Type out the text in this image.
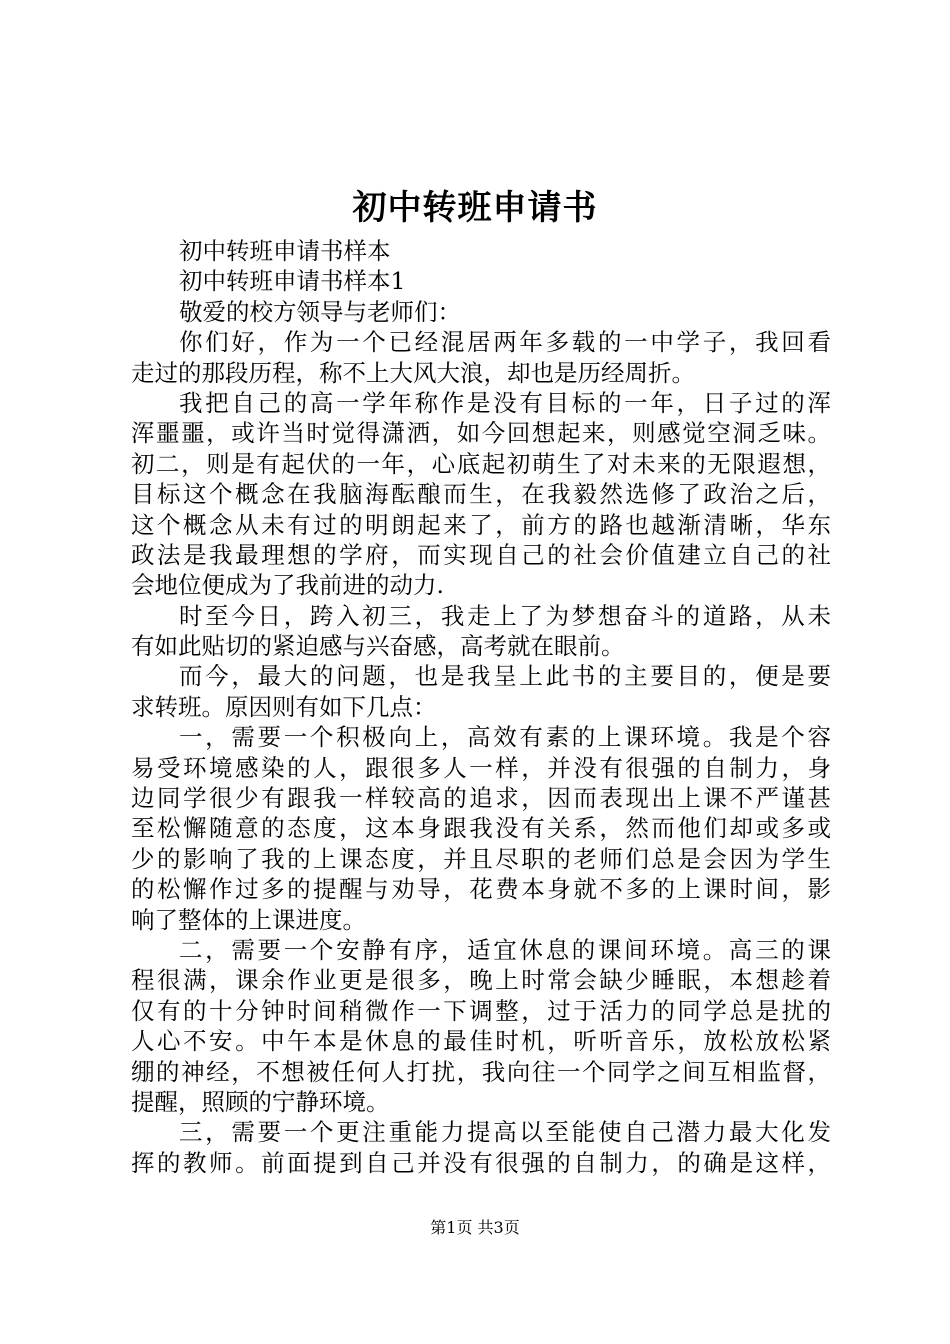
初中转班申请书
初中转班申请书样本
初中转班申请书样本1
敬爱的校方领导与老师们：
你们好，作为一个已经混居两年多载的一中学子，我回看
走过的那段历程，称不上大风大浪，却也是历经周折。
我把自己的高一学年称作是没有目标的一年，日子过的浑
浑噩噩，或许当时觉得潇洒，如今回想起来，则感觉空洞乏味。
初二，则是有起伏的一年，心底起初萌生了对未来的无限遐想，
目标这个概念在我脑海酝酿而生，在我毅然选修了政治之后，
这个概念从未有过的明朗起来了，前方的路也越渐清晰，华东
政法是我最理想的学府，而实现自己的社会价值建立自己的社
会地位便成为了我前进的动力.
时至今日，跨入初三，我走上了为梦想奋斗的道路，从未
有如此贴切的紧迫感与兴奋感，高考就在眼前。
而今，最大的问题，也是我呈上此书的主要目的，便是要
求转班。原因则有如下几点：
一，需要一个积极向上，高效有素的上课环境。我是个容
易受环境感染的人，跟很多人一样，并没有很强的自制力，身
边同学很少有跟我一样较高的追求，因而表现出上课不严谨甚
至松懈随意的态度，这本身跟我没有关系，然而他们却或多或
少的影响了我的上课态度，并且尽职的老师们总是会因为学生
的松懈作过多的提醒与劝导，花费本身就不多的上课时间，影
响了整体的上课进度。
二，需要一个安静有序，适宜休息的课间环境。高三的课
程很满，课余作业更是很多，晚上时常会缺少睡眠，本想趁着
仅有的十分钟时间稍微作一下调整，过于活力的同学总是扰的
人心不安。中午本是休息的最佳时机，听听音乐，放松放松紧
绷的神经，不想被任何人打扰，我向往一个同学之间互相监督，
提醒，照顾的宁静环境。
三，需要一个更注重能力提高以至能使自己潜力最大化发
挥的教师。前面提到自己并没有很强的自制力，的确是这样，
第1页 共3页
